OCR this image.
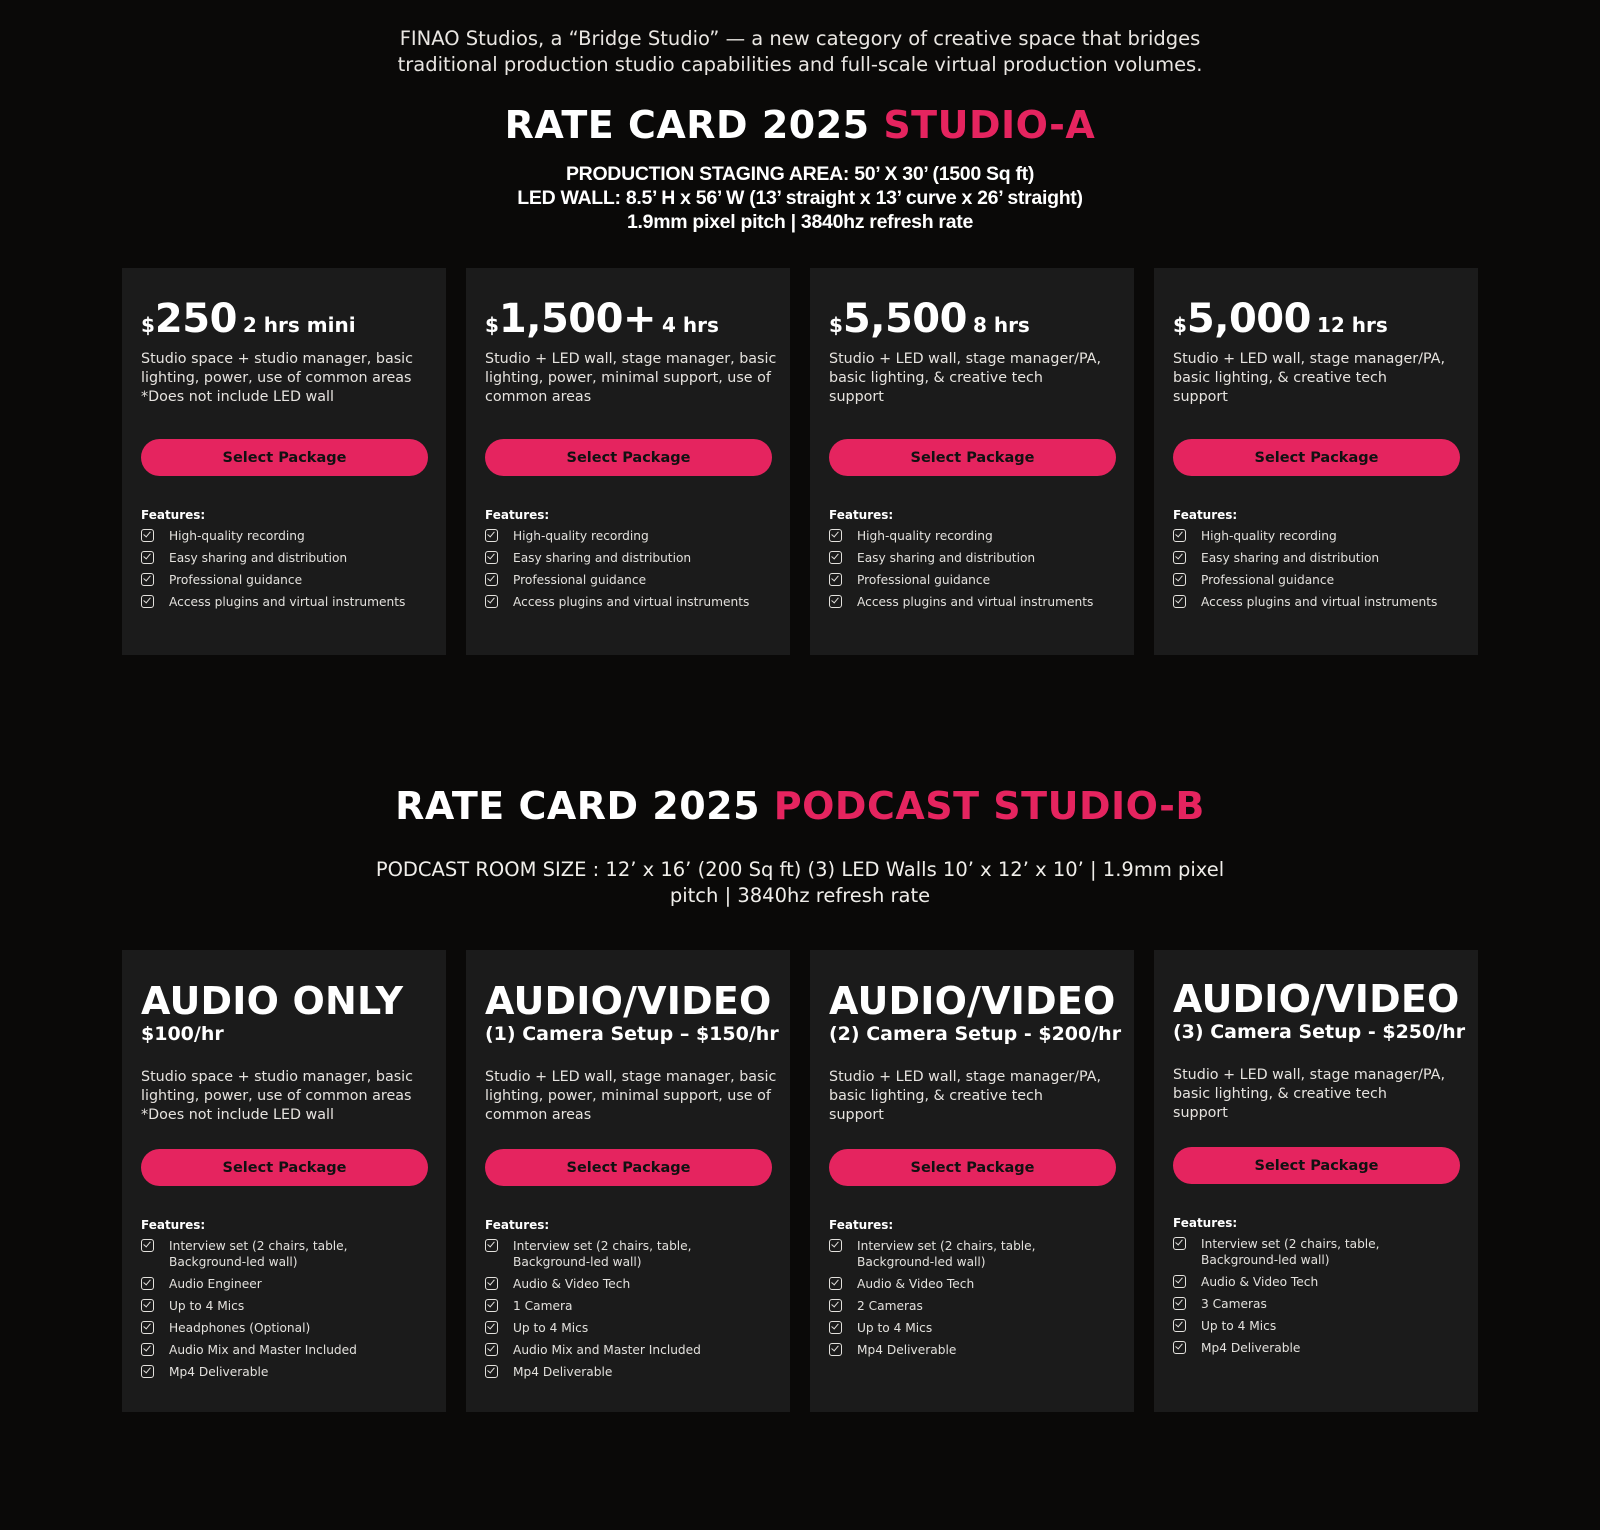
FINAO Studios, a “Bridge Studio” — a new category of creative space that bridges
traditional production studio capabilities and full-scale virtual production volumes.
RATE CARD 2025 STUDIO-A
PRODUCTION STAGING AREA: 50’ X 30’ (1500 Sq ft)
LED WALL: 8.5’ H x 56’ W (13’ straight x 13’ curve x 26’ straight)
1.9mm pixel pitch | 3840hz refresh rate
$250 2 hrs mini
Studio space + studio manager, basic
lighting, power, use of common areas
*Does not include LED wall
Select Package
Features:
High-quality recording
Easy sharing and distribution
Professional guidance
Access plugins and virtual instruments
$1,500+ 4 hrs
Studio + LED wall, stage manager, basic
lighting, power, minimal support, use of
common areas
Select Package
Features:
High-quality recording
Easy sharing and distribution
Professional guidance
Access plugins and virtual instruments
$5,500 8 hrs
Studio + LED wall, stage manager/PA,
basic lighting, & creative tech
support
Select Package
Features:
High-quality recording
Easy sharing and distribution
Professional guidance
Access plugins and virtual instruments
$5,000 12 hrs
Studio + LED wall, stage manager/PA,
basic lighting, & creative tech
support
Select Package
Features:
High-quality recording
Easy sharing and distribution
Professional guidance
Access plugins and virtual instruments
RATE CARD 2025 PODCAST STUDIO-B
PODCAST ROOM SIZE : 12’ x 16’ (200 Sq ft) (3) LED Walls 10’ x 12’ x 10’ | 1.9mm pixel
pitch | 3840hz refresh rate
AUDIO ONLY
$100/hr
Studio space + studio manager, basic
lighting, power, use of common areas
*Does not include LED wall
Select Package
Features:
Interview set (2 chairs, table,
Background-led wall)
Audio Engineer
Up to 4 Mics
Headphones (Optional)
Audio Mix and Master Included
Mp4 Deliverable
AUDIO/VIDEO
(1) Camera Setup – $150/hr
Studio + LED wall, stage manager, basic
lighting, power, minimal support, use of
common areas
Select Package
Features:
Interview set (2 chairs, table,
Background-led wall)
Audio & Video Tech
1 Camera
Up to 4 Mics
Audio Mix and Master Included
Mp4 Deliverable
AUDIO/VIDEO
(2) Camera Setup - $200/hr
Studio + LED wall, stage manager/PA,
basic lighting, & creative tech
support
Select Package
Features:
Interview set (2 chairs, table,
Background-led wall)
Audio & Video Tech
2 Cameras
Up to 4 Mics
Mp4 Deliverable
AUDIO/VIDEO
(3) Camera Setup - $250/hr
Studio + LED wall, stage manager/PA,
basic lighting, & creative tech
support
Select Package
Features:
Interview set (2 chairs, table,
Background-led wall)
Audio & Video Tech
3 Cameras
Up to 4 Mics
Mp4 Deliverable
